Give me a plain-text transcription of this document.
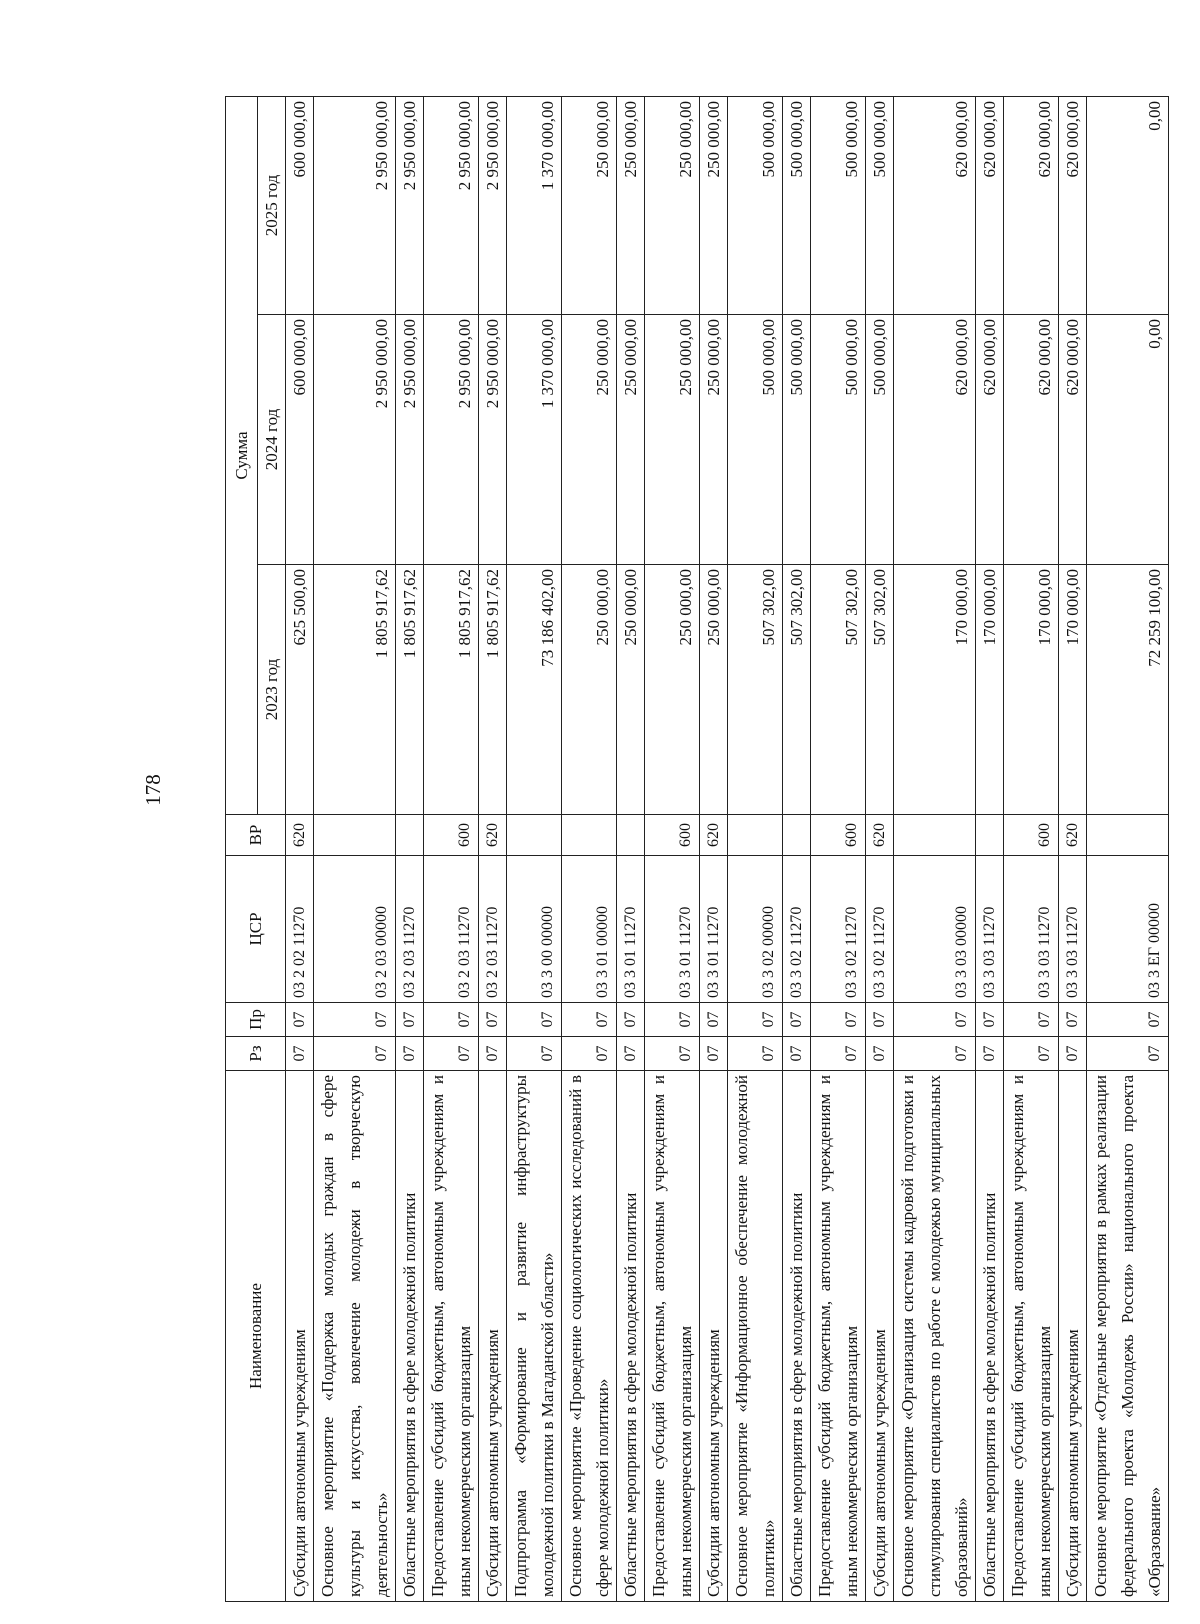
178
Наименование	Рз	Пр	ЦСР	ВР	Сумма		
					2023 год	2024 год	2025 год
Субсидии автономным учреждениям	07	07	03 2 02 11270	620	625 500,00	600 000,00	600 000,00
Основное мероприятие «Поддержка молодых граждан в сфере культуры и искусства, вовлечение молодежи в творческую деятельность»	07	07	03 2 03 00000		1 805 917,62	2 950 000,00	2 950 000,00
Областные мероприятия в сфере молодежной политики	07	07	03 2 03 11270		1 805 917,62	2 950 000,00	2 950 000,00
Предоставление субсидий бюджетным, автономным учреждениям и иным некоммерческим организациям	07	07	03 2 03 11270	600	1 805 917,62	2 950 000,00	2 950 000,00
Субсидии автономным учреждениям	07	07	03 2 03 11270	620	1 805 917,62	2 950 000,00	2 950 000,00
Подпрограмма «Формирование и развитие инфраструктуры молодежной политики в Магаданской области»	07	07	03 3 00 00000		73 186 402,00	1 370 000,00	1 370 000,00
Основное мероприятие «Проведение социологических исследований в сфере молодежной политики»	07	07	03 3 01 00000		250 000,00	250 000,00	250 000,00
Областные мероприятия в сфере молодежной политики	07	07	03 3 01 11270		250 000,00	250 000,00	250 000,00
Предоставление субсидий бюджетным, автономным учреждениям и иным некоммерческим организациям	07	07	03 3 01 11270	600	250 000,00	250 000,00	250 000,00
Субсидии автономным учреждениям	07	07	03 3 01 11270	620	250 000,00	250 000,00	250 000,00
Основное мероприятие «Информационное обеспечение молодежной политики»	07	07	03 3 02 00000		507 302,00	500 000,00	500 000,00
Областные мероприятия в сфере молодежной политики	07	07	03 3 02 11270		507 302,00	500 000,00	500 000,00
Предоставление субсидий бюджетным, автономным учреждениям и иным некоммерческим организациям	07	07	03 3 02 11270	600	507 302,00	500 000,00	500 000,00
Субсидии автономным учреждениям	07	07	03 3 02 11270	620	507 302,00	500 000,00	500 000,00
Основное мероприятие «Организация системы кадровой подготовки и стимулирования специалистов по работе с молодежью муниципальных образований»	07	07	03 3 03 00000		170 000,00	620 000,00	620 000,00
Областные мероприятия в сфере молодежной политики	07	07	03 3 03 11270		170 000,00	620 000,00	620 000,00
Предоставление субсидий бюджетным, автономным учреждениям и иным некоммерческим организациям	07	07	03 3 03 11270	600	170 000,00	620 000,00	620 000,00
Субсидии автономным учреждениям	07	07	03 3 03 11270	620	170 000,00	620 000,00	620 000,00
Основное мероприятие «Отдельные мероприятия в рамках реализации федерального проекта «Молодежь России» национального проекта «Образование»	07	07	03 3 ЕГ 00000		72 259 100,00	0,00	0,00
